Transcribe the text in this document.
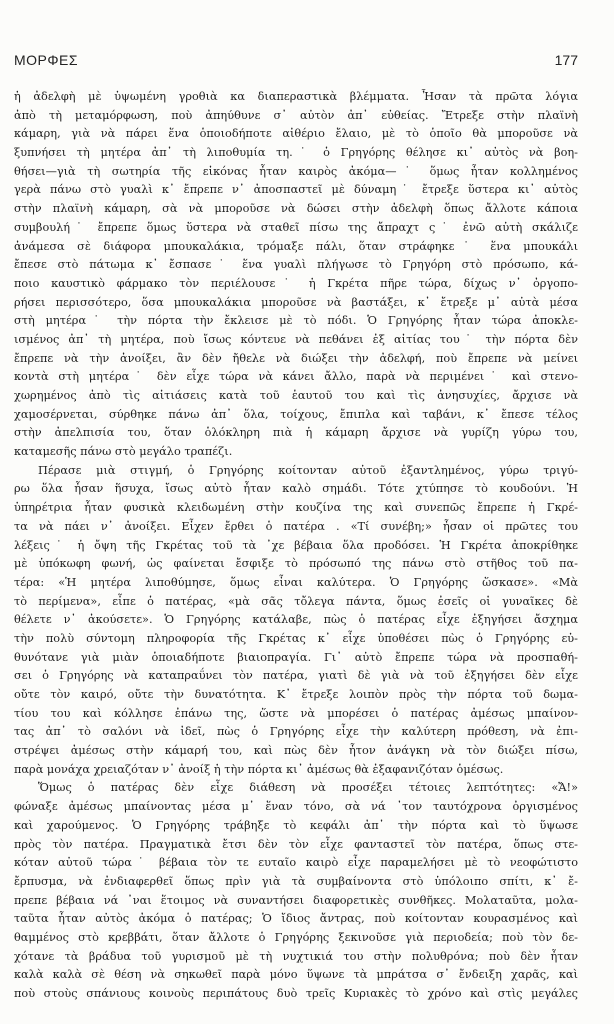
ΜΟΡΦΕΣ	177
ἡ ἀδελφὴ μὲ ὑψωμένη γροθιὰ κα διαπεραστικὰ βλέμματα. Ἦσαν τὰ πρῶτα λόγια
ἀπὸ τὴ μεταμόρφωση, ποὺ ἀπηύθυνε σ᾽ αὐτὸν ἀπ᾽ εὐθείας. Ἔτρεξε στὴν πλαϊνὴ
κάμαρη, γιὰ νὰ πάρει ἕνα ὁποιοδήποτε αἰθέριο ἔλαιο, μὲ τὸ ὁποῖο θὰ μποροῦσε νὰ
ξυπνήσει τὴ μητέρα ἀπ᾽ τὴ λιποθυμία τη.˙ ὁ Γρηγόρης θέλησε κι᾽ αὐτὸς νὰ βοη-
θήσει—γιὰ τὴ σωτηρία τῆς εἰκόνας ἦταν καιρὸς ἀκόμα—˙ ὅμως ἦταν κολλημένος
γερὰ πάνω στὸ γυαλὶ κ᾽ ἔπρεπε ν᾽ ἀποσπαστεῖ μὲ δύναμη˙ ἔτρεξε ὕστερα κι᾽ αὐτὸς
στὴν πλαϊνὴ κάμαρη, σὰ νὰ μποροῦσε νὰ δώσει στὴν ἀδελφὴ ὅπως ἄλλοτε κάποια
συμβουλή˙ ἔπρεπε ὅμως ὕστερα νὰ σταθεῖ πίσω της ἄπραχτ ς˙ ἐνῶ αὐτὴ σκάλιζε
ἀνάμεσα σὲ διάφορα μπουκαλάκια, τρόμαξε πάλι, ὅταν στράφηκε˙ ἕνα μπουκάλι
ἔπεσε στὸ πάτωμα κ᾽ ἔσπασε˙ ἕνα γυαλὶ πλήγωσε τὸ Γρηγόρη στὸ πρόσωπο, κά-
ποιο καυστικὸ φάρμακο τὸν περιέλουσε˙ ἡ Γκρέτα πῆρε τώρα, δίχως ν᾽ ὀργοπο-
ρήσει περισσότερο, ὅσα μπουκαλάκια μποροῦσε νὰ βαστάξει, κ᾽ ἔτρεξε μ᾽ αὐτὰ μέσα
στὴ μητέρα˙ τὴν πόρτα τὴν ἔκλεισε μὲ τὸ πόδι. Ὁ Γρηγόρης ἦταν τώρα ἀποκλε-
ισμένος ἀπ᾽ τὴ μητέρα, ποὺ ἴσως κόντευε νὰ πεθάνει ἐξ αἰτίας του˙ τὴν πόρτα δὲν
ἔπρεπε νὰ τὴν ἀνοίξει, ἂν δὲν ἤθελε νὰ διώξει τὴν ἀδελφή, ποὺ ἔπρεπε νὰ μείνει
κοντὰ στὴ μητέρα˙ δὲν εἶχε τώρα νὰ κάνει ἄλλο, παρὰ νὰ περιμένει˙ καὶ στενο-
χωρημένος ἀπὸ τὶς αἰτιάσεις κατὰ τοῦ ἑαυτοῦ του καὶ τὶς ἀνησυχίες, ἄρχισε νὰ
χαμοσέρνεται, σύρθηκε πάνω ἀπ᾽ ὅλα, τοίχους, ἔπιπλα καὶ ταβάνι, κ᾽ ἔπεσε τέλος
στὴν ἀπελπισία του, ὅταν ὁλόκληρη πιὰ ἡ κάμαρη ἄρχισε νὰ γυρίζη γύρω του,
καταμεσῆς πάνω στὸ μεγάλο τραπέζι.
Πέρασε μιὰ στιγμή, ὁ Γρηγόρης κοίτονταν αὐτοῦ ἐξαντλημένος, γύρω τριγύ-
ρω ὅλα ἦσαν ἥσυχα, ἴσως αὐτὸ ἦταν καλὸ σημάδι. Τότε χτύπησε τὸ κουδούνι. Ἡ
ὑπηρέτρια ἦταν φυσικὰ κλειδωμένη στὴν κουζίνα της καὶ συνεπῶς ἔπρεπε ἡ Γκρέ-
τα νὰ πάει ν᾽ ἀνοίξει. Εἶχεν ἔρθει ὁ πατέρα . «Τί συνέβη;» ἦσαν οἱ πρῶτες του
λέξεις˙ ἡ ὄψη τῆς Γκρέτας τοῦ τὰ ᾽χε βέβαια ὅλα προδόσει. Ἡ Γκρέτα ἀποκρίθηκε
μὲ ὑπόκωφη φωνή, ὡς φαίνεται ἔσφιξε τὸ πρόσωπό της πάνω στὸ στῆθος τοῦ πα-
τέρα: «Ἡ μητέρα λιποθύμησε, ὅμως εἶναι καλύτερα. Ὁ Γρηγόρης ὥσκασε». «Μὰ
τὸ περίμενα», εἶπε ὁ πατέρας, «μὰ σᾶς τὄλεγα πάντα, ὅμως ἐσεῖς οἱ γυναῖκες δὲ
θέλετε ν᾽ ἀκούσετε». Ὁ Γρηγόρης κατάλαβε, πὼς ὁ πατέρας εἶχε ἐξηγήσει ἄσχημα
τὴν πολὺ σύντομη πληροφορία τῆς Γκρέτας κ᾽ εἶχε ὑποθέσει πὼς ὁ Γρηγόρης εὐ-
θυνότανε γιὰ μιὰν ὁποιαδήποτε βιαιοπραγία. Γι᾽ αὐτὸ ἔπρεπε τώρα νὰ προσπαθή-
σει ὁ Γρηγόρης νὰ καταπραΰνει τὸν πατέρα, γιατὶ δὲ γιὰ νὰ τοῦ ἐξηγήσει δὲν εἶχε
οὔτε τὸν καιρό, οὔτε τὴν δυνατότητα. Κ᾽ ἔτρεξε λοιπὸν πρὸς τὴν πόρτα τοῦ δωμα-
τίου του καὶ κόλλησε ἐπάνω της, ὥστε νὰ μπορέσει ὁ πατέρας ἀμέσως μπαίνον-
τας ἀπ᾽ τὸ σαλόνι νὰ ἰδεῖ, πὼς ὁ Γρηγόρης εἶχε τὴν καλύτερη πρόθεση, νὰ ἐπι-
στρέψει ἀμέσως στὴν κάμαρή του, καὶ πὼς δὲν ἦτον ἀνάγκη νὰ τὸν διώξει πίσω,
παρὰ μονάχα χρειαζόταν ν᾽ ἀνοίξ ἡ τὴν πόρτα κι᾽ ἀμέσως θὰ ἐξαφανιζόταν ὁμέσως.
Ὅμως ὁ πατέρας δὲν εἶχε διάθεση νὰ προσέξει τέτοιες λεπτότητες: «Ἄ!»
φώναξε ἀμέσως μπαίνοντας μέσα μ᾽ ἕναν τόνο, σὰ νά ᾽τον ταυτόχρονα ὀργισμένος
καὶ χαρούμενος. Ὁ Γρηγόρης τράβηξε τὸ κεφάλι ἀπ᾽ τὴν πόρτα καὶ τὸ ὕψωσε
πρὸς τὸν πατέρα. Πραγματικὰ ἔτσι δὲν τὸν εἶχε φανταστεῖ τὸν πατέρα, ὅπως στε-
κόταν αὐτοῦ τώρα˙ βέβαια τὸν τε ευταῖο καιρὸ εἶχε παραμελήσει μὲ τὸ νεοφώτιστο
ἔρπυσμα, νὰ ἐνδιαφερθεῖ ὅπως πρὶν γιὰ τὰ συμβαίνοντα στὸ ὑπόλοιπο σπίτι, κ᾽ ἔ-
πρεπε βέβαια νά ᾽ναι ἕτοιμος νὰ συναντήσει διαφορετικὲς συνθῆκες. Μολαταῦτα, μολα-
ταῦτα ἦταν αὐτὸς ἀκόμα ὁ πατέρας; Ὁ ἴδιος ἄντρας, ποὺ κοίτονταν κουρασμένος καὶ
θαμμένος στὸ κρεββάτι, ὅταν ἄλλοτε ὁ Γρηγόρης ξεκινοῦσε γιὰ περιοδεία; ποὺ τὸν δε-
χότανε τὰ βράδυα τοῦ γυρισμοῦ μὲ τὴ νυχτικιά του στὴν πολυθρόνα; ποὺ δὲν ἦταν
καλὰ καλὰ σὲ θέση νὰ σηκωθεῖ παρὰ μόνο ὕψωνε τὰ μπράτσα σ᾽ ἔνδειξη χαρᾶς, καὶ
ποὺ στοὺς σπάνιους κοινοὺς περιπάτους δυὸ τρεῖς Κυριακὲς τὸ χρόνο καὶ στὶς μεγάλες
